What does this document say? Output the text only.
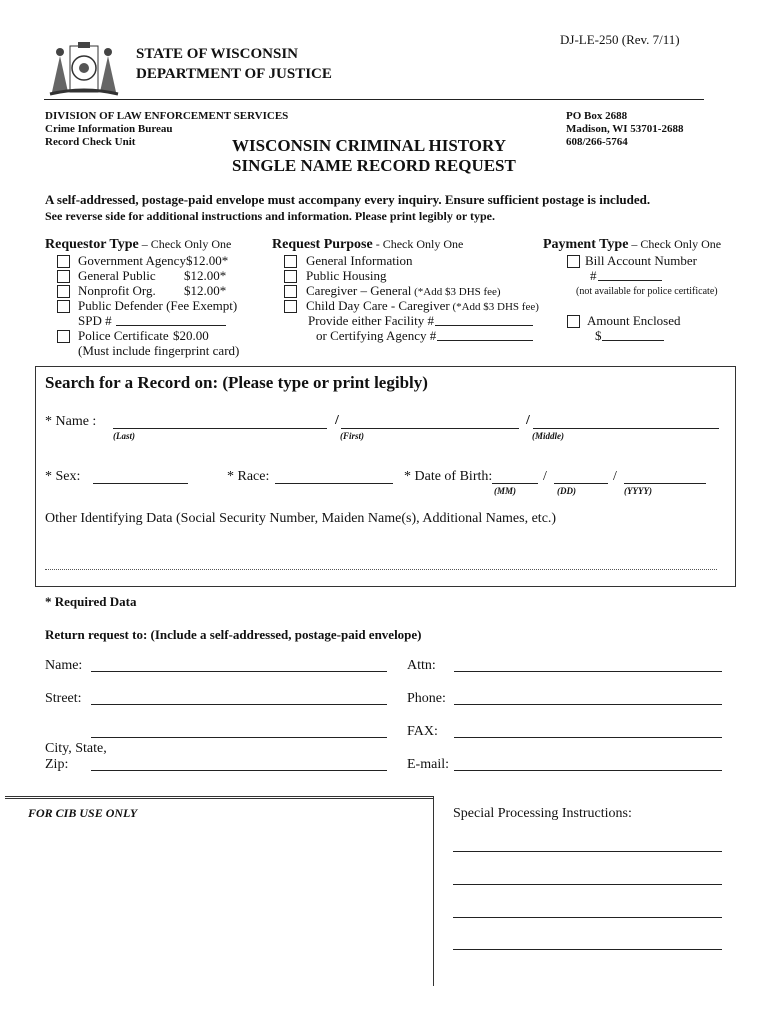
DJ-LE-250 (Rev. 7/11)
STATE OF WISCONSIN
DEPARTMENT OF JUSTICE
DIVISION OF LAW ENFORCEMENT SERVICES
Crime Information Bureau
Record Check Unit
PO Box 2688
Madison, WI 53701-2688
608/266-5764
WISCONSIN CRIMINAL HISTORY
SINGLE NAME RECORD REQUEST
A self-addressed, postage-paid envelope must accompany every inquiry. Ensure sufficient postage is included.
See reverse side for additional instructions and information. Please print legibly or type.
Requestor Type – Check Only One
Government Agency$12.00*
General Public $12.00*
Nonprofit Org. $12.00*
Public Defender (Fee Exempt)
SPD #
Police Certificate $20.00
(Must include fingerprint card)
Request Purpose - Check Only One
General Information
Public Housing
Caregiver – General (*Add $3 DHS fee)
Child Day Care - Caregiver (*Add $3 DHS fee)
Provide either Facility #
or Certifying Agency #
Payment Type – Check Only One
Bill Account Number
#
(not available for police certificate)
Amount Enclosed
$
Search for a Record on: (Please type or print legibly)
* Name :	/	/
(Last)	(First)	(Middle)
* Sex:	* Race:	* Date of Birth:	/	/
(MM)	(DD)	(YYYY)
Other Identifying Data (Social Security Number, Maiden Name(s), Additional Names, etc.)
* Required Data
Return request to: (Include a self-addressed, postage-paid envelope)
Name:
Street:
City, State,
Zip:
Attn:
Phone:
FAX:
E-mail:
FOR CIB USE ONLY	Special Processing Instructions:
